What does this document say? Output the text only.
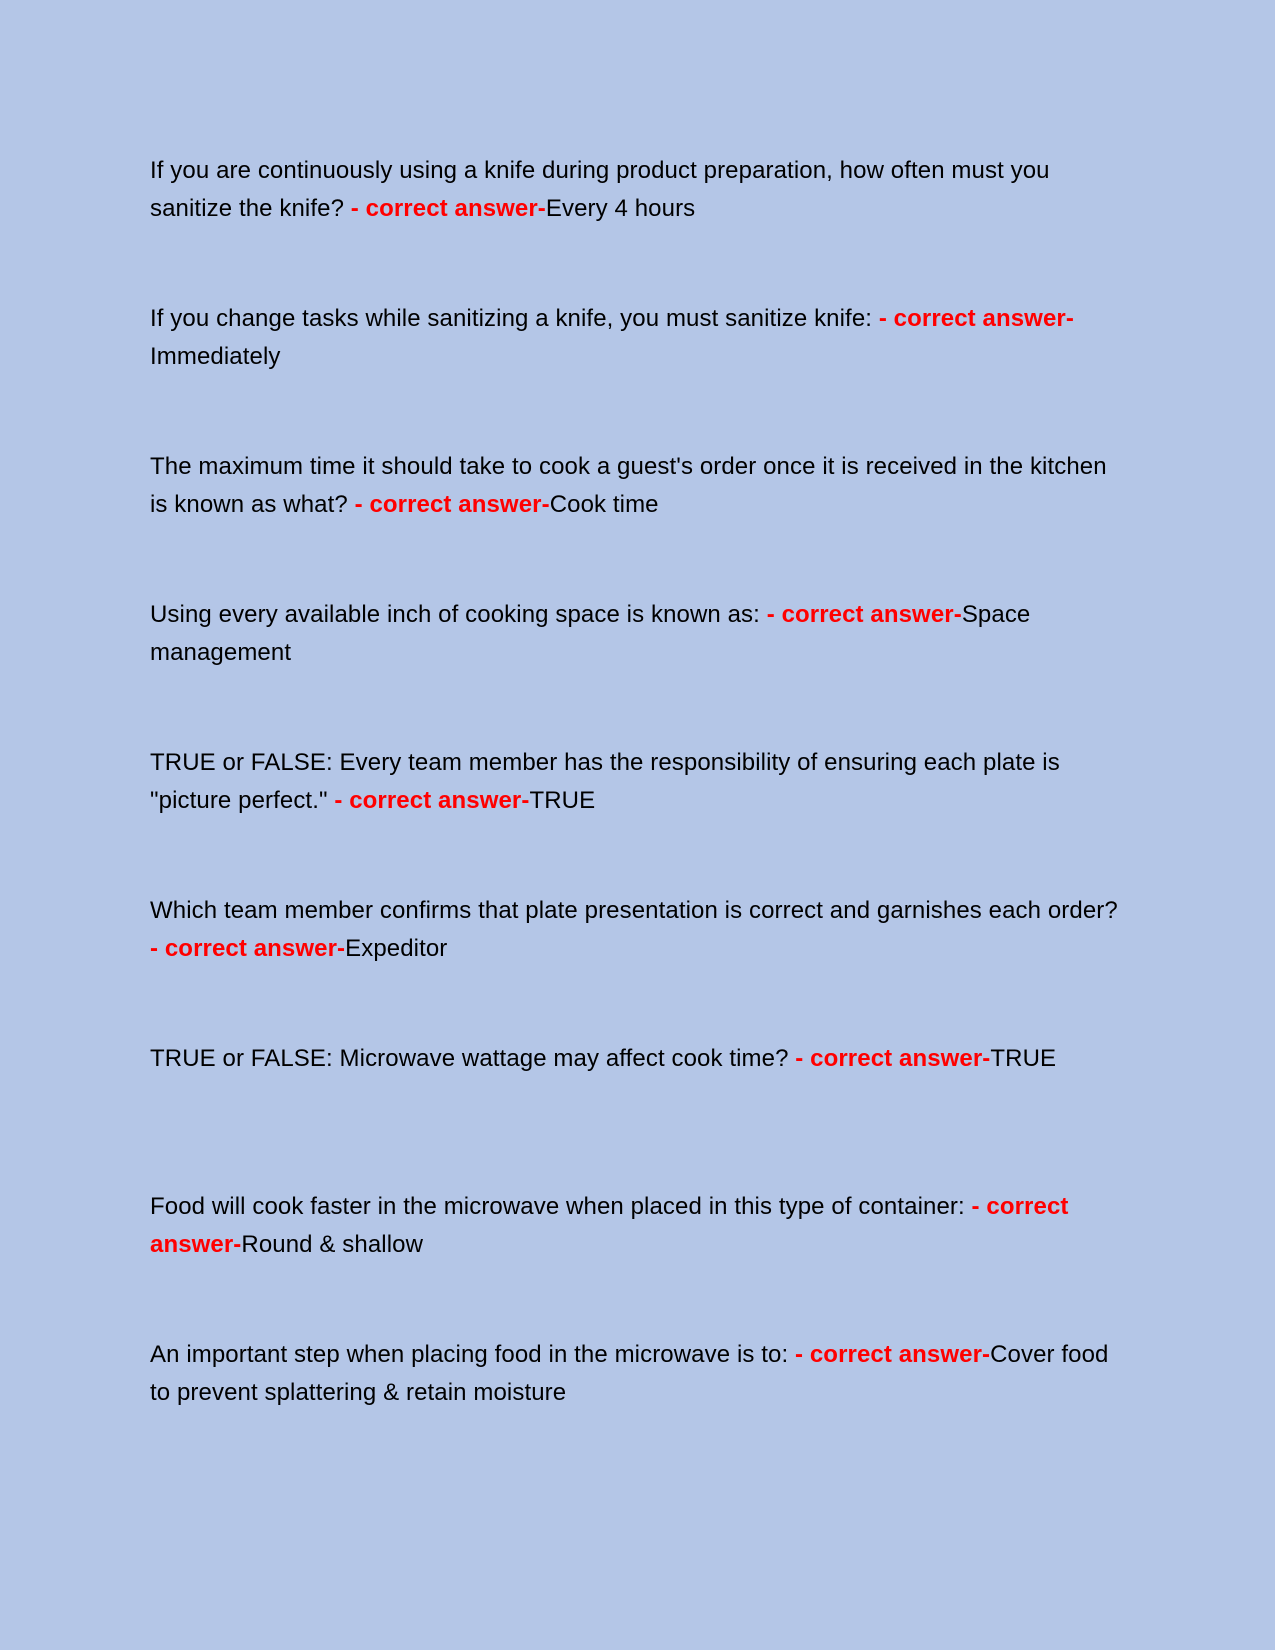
If you are continuously using a knife during product preparation, how often must you sanitize the knife? - correct answer-Every 4 hours

If you change tasks while sanitizing a knife, you must sanitize knife: - correct answer-Immediately

The maximum time it should take to cook a guest's order once it is received in the kitchen is known as what? - correct answer-Cook time

Using every available inch of cooking space is known as: - correct answer-Space management

TRUE or FALSE: Every team member has the responsibility of ensuring each plate is "picture perfect." - correct answer-TRUE

Which team member confirms that plate presentation is correct and garnishes each order? - correct answer-Expeditor

TRUE or FALSE: Microwave wattage may affect cook time? - correct answer-TRUE

Food will cook faster in the microwave when placed in this type of container: - correct answer-Round & shallow

An important step when placing food in the microwave is to: - correct answer-Cover food to prevent splattering & retain moisture
